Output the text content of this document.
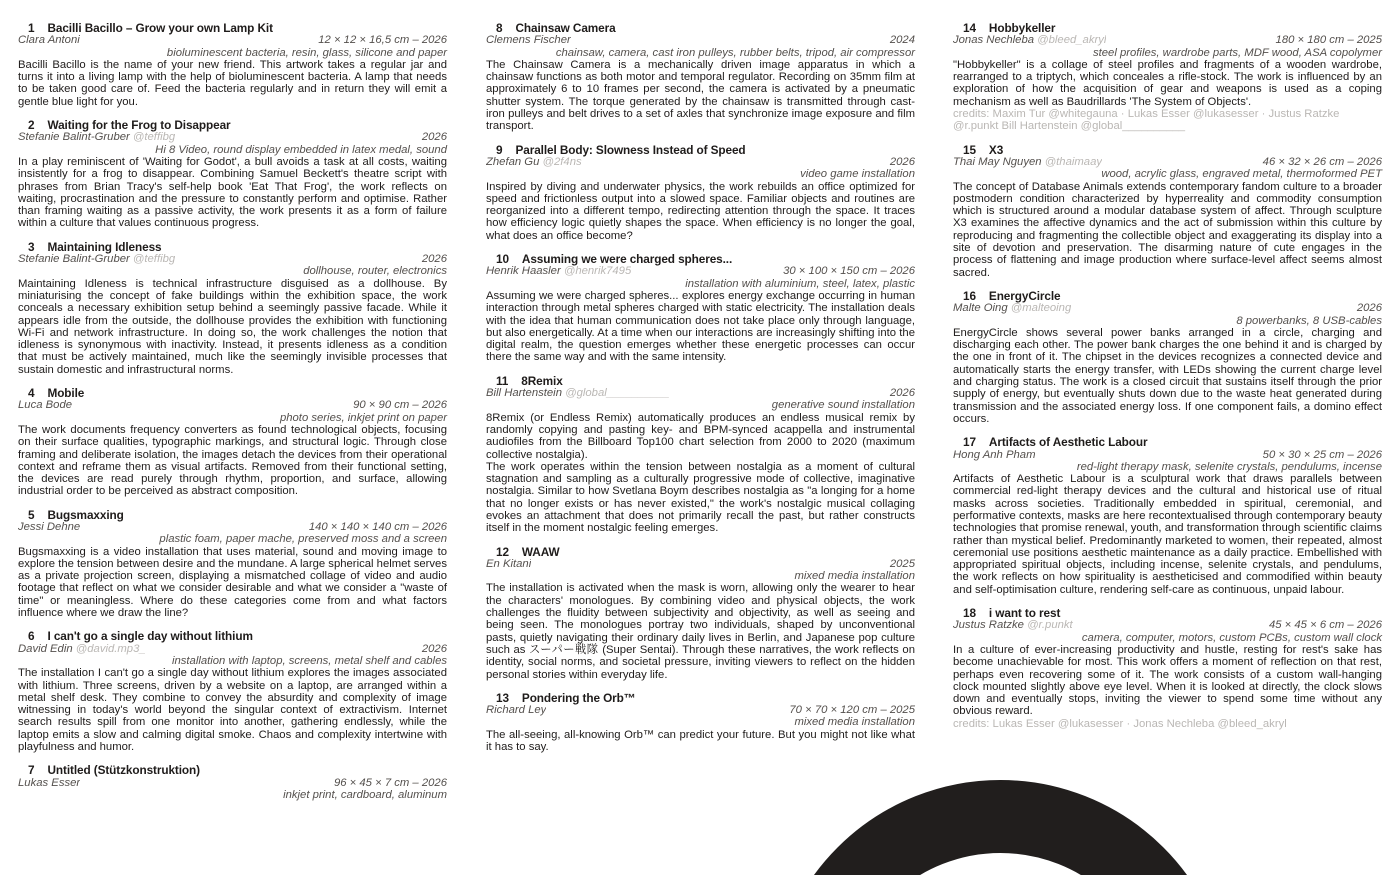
1 Bacilli Bacillo – Grow your own Lamp Kit
Clara Antoni	12 × 12 × 16,5 cm – 2026
bioluminescent bacteria, resin, glass, silicone and paper

Bacilli Bacillo is the name of your new friend. This artwork takes a regular jar and turns it into a living lamp with the help of bioluminescent bacteria. A lamp that needs to be taken good care of. Feed the bacteria regularly and in return they will emit a gentle blue light for you.

2 Waiting for the Frog to Disappear
Stefanie Balint-Gruber @teffibg	2026
Hi 8 Video, round display embedded in latex medal, sound

In a play reminiscent of 'Waiting for Godot', a bull avoids a task at all costs, waiting insistently for a frog to disappear. Combining Samuel Beckett's theatre script with phrases from Brian Tracy's self-help book 'Eat That Frog', the work reflects on waiting, procrastination and the pressure to constantly perform and optimise. Rather than framing waiting as a passive activity, the work presents it as a form of failure within a culture that values continuous progress.

3 Maintaining Idleness
Stefanie Balint-Gruber @teffibg	2026
dollhouse, router, electronics

Maintaining Idleness is technical infrastructure disguised as a dollhouse. By miniaturising the concept of fake buildings within the exhibition space, the work conceals a necessary exhibition setup behind a seemingly passive facade. While it appears idle from the outside, the dollhouse provides the exhibition with functioning Wi-Fi and network infrastructure. In doing so, the work challenges the notion that idleness is synonymous with inactivity. Instead, it presents idleness as a condition that must be actively maintained, much like the seemingly invisible processes that sustain domestic and infrastructural norms.

4 Mobile
Luca Bode	90 × 90 cm – 2026
photo series, inkjet print on paper

The work documents frequency converters as found technological objects, focusing on their surface qualities, typographic markings, and structural logic. Through close framing and deliberate isolation, the images detach the devices from their operational context and reframe them as visual artifacts. Removed from their functional setting, the devices are read purely through rhythm, proportion, and surface, allowing industrial order to be perceived as abstract composition.

5 Bugsmaxxing
Jessi Dehne	140 × 140 × 140 cm – 2026
plastic foam, paper mache, preserved moss and a screen

Bugsmaxxing is a video installation that uses material, sound and moving image to explore the tension between desire and the mundane. A large spherical helmet serves as a private projection screen, displaying a mismatched collage of video and audio footage that reflect on what we consider desirable and what we consider a "waste of time" or meaningless. Where do these categories come from and what factors influence where we draw the line?

6 I can't go a single day without lithium
David Edin @david.mp3_	2026
installation with laptop, screens, metal shelf and cables

The installation I can't go a single day without lithium explores the images associated with lithium. Three screens, driven by a website on a laptop, are arranged within a metal shelf desk. They combine to convey the absurdity and complexity of image witnessing in today's world beyond the singular context of extractivism. Internet search results spill from one monitor into another, gathering endlessly, while the laptop emits a slow and calming digital smoke. Chaos and complexity intertwine with playfulness and humor.

7 Untitled (Stützkonstruktion)
Lukas Esser	96 × 45 × 7 cm – 2026
inkjet print, cardboard, aluminum
8 Chainsaw Camera
Clemens Fischer	2024
chainsaw, camera, cast iron pulleys, rubber belts, tripod, air compressor

The Chainsaw Camera is a mechanically driven image apparatus in which a chainsaw functions as both motor and temporal regulator. Recording on 35mm film at approximately 6 to 10 frames per second, the camera is activated by a pneumatic shutter system. The torque generated by the chainsaw is transmitted through cast-iron pulleys and belt drives to a set of axles that synchronize image exposure and film transport.

9 Parallel Body: Slowness Instead of Speed
Zhefan Gu @2f4ns	2026
video game installation

Inspired by diving and underwater physics, the work rebuilds an office optimized for speed and frictionless output into a slowed space. Familiar objects and routines are reorganized into a different tempo, redirecting attention through the space. It traces how efficiency logic quietly shapes the space. When efficiency is no longer the goal, what does an office become?

10 Assuming we were charged spheres...
Henrik Haasler @henrik7495	30 × 100 × 150 cm – 2026
installation with aluminium, steel, latex, plastic

Assuming we were charged spheres... explores energy exchange occurring in human interaction through metal spheres charged with static electricity. The installation deals with the idea that human communication does not take place only through language, but also energetically. At a time when our interactions are increasingly shifting into the digital realm, the question emerges whether these energetic processes can occur there the same way and with the same intensity.

11 8Remix
Bill Hartenstein @global__________	2026
generative sound installation

8Remix (or Endless Remix) automatically produces an endless musical remix by randomly copying and pasting key- and BPM-synced acappella and instrumental audiofiles from the Billboard Top100 chart selection from 2000 to 2020 (maximum collective nostalgia).

The work operates within the tension between nostalgia as a moment of cultural stagnation and sampling as a culturally progressive mode of collective, imaginative nostalgia. Similar to how Svetlana Boym describes nostalgia as "a longing for a home that no longer exists or has never existed," the work's nostalgic musical collaging evokes an attachment that does not primarily recall the past, but rather constructs itself in the moment nostalgic feeling emerges.

12 WAAW
En Kitani	2025
mixed media installation

The installation is activated when the mask is worn, allowing only the wearer to hear the characters' monologues. By combining video and physical objects, the work challenges the fluidity between subjectivity and objectivity, as well as seeing and being seen. The monologues portray two individuals, shaped by unconventional pasts, quietly navigating their ordinary daily lives in Berlin, and Japanese pop culture such as スーパー戦隊 (Super Sentai). Through these narratives, the work reflects on identity, social norms, and societal pressure, inviting viewers to reflect on the hidden personal stories within everyday life.

13 Pondering the Orb™
Richard Ley	70 × 70 × 120 cm – 2025
mixed media installation

The all-seeing, all-knowing Orb™ can predict your future. But you might not like what it has to say.

14 Hobbykeller
Jonas Nechleba @bleed_akryl	180 × 180 cm – 2025
steel profiles, wardrobe parts, MDF wood, ASA copolymer

"Hobbykeller" is a collage of steel profiles and fragments of a wooden wardrobe, rearranged to a triptych, which conceales a rifle-stock. The work is influenced by an exploration of how the acquisition of gear and weapons is used as a coping mechanism as well as Baudrillards 'The System of Objects'.

credits: Maxim Tur @whitegauna · Lukas Esser @lukasesser · Justus Ratzke @r.punkt Bill Hartenstein @global__________
15 X3
Thai May Nguyen @thaimaay	46 × 32 × 26 cm – 2026
wood, acrylic glass, engraved metal, thermoformed PET

The concept of Database Animals extends contemporary fandom culture to a broader postmodern condition characterized by hyperreality and commodity consumption which is structured around a modular database system of affect. Through sculpture X3 examines the affective dynamics and the act of submission within this culture by reproducing and fragmenting the collectible object and exaggerating its display into a site of devotion and preservation. The disarming nature of cute engages in the process of flattening and image production where surface-level affect seems almost sacred.

16 EnergyCircle
Malte Oing @malteoing	2026
8 powerbanks, 8 USB-cables

EnergyCircle shows several power banks arranged in a circle, charging and discharging each other. The power bank charges the one behind it and is charged by the one in front of it. The chipset in the devices recognizes a connected device and automatically starts the energy transfer, with LEDs showing the current charge level and charging status. The work is a closed circuit that sustains itself through the prior supply of energy, but eventually shuts down due to the waste heat generated during transmission and the associated energy loss. If one component fails, a domino effect occurs.

17 Artifacts of Aesthetic Labour
Hong Anh Pham	50 × 30 × 25 cm – 2026
red-light therapy mask, selenite crystals, pendulums, incense

Artifacts of Aesthetic Labour is a sculptural work that draws parallels between commercial red-light therapy devices and the cultural and historical use of ritual masks across societies. Traditionally embedded in spiritual, ceremonial, and performative contexts, masks are here recontextualised through contemporary beauty technologies that promise renewal, youth, and transformation through scientific claims rather than mystical belief. Predominantly marketed to women, their repeated, almost ceremonial use positions aesthetic maintenance as a daily practice. Embellished with appropriated spiritual objects, including incense, selenite crystals, and pendulums, the work reflects on how spirituality is aestheticised and commodified within beauty and self-optimisation culture, rendering self-care as continuous, unpaid labour.

18 i want to rest
Justus Ratzke @r.punkt	45 × 45 × 6 cm – 2026
camera, computer, motors, custom PCBs, custom wall clock

In a culture of ever-increasing productivity and hustle, resting for rest's sake has become unachievable for most. This work offers a moment of reflection on that rest, perhaps even recovering some of it. The work consists of a custom wall-hanging clock mounted slightly above eye level. When it is looked at directly, the clock slows down and eventually stops, inviting the viewer to spend some time without any obvious reward.

credits: Lukas Esser @lukasesser · Jonas Nechleba @bleed_akryl
